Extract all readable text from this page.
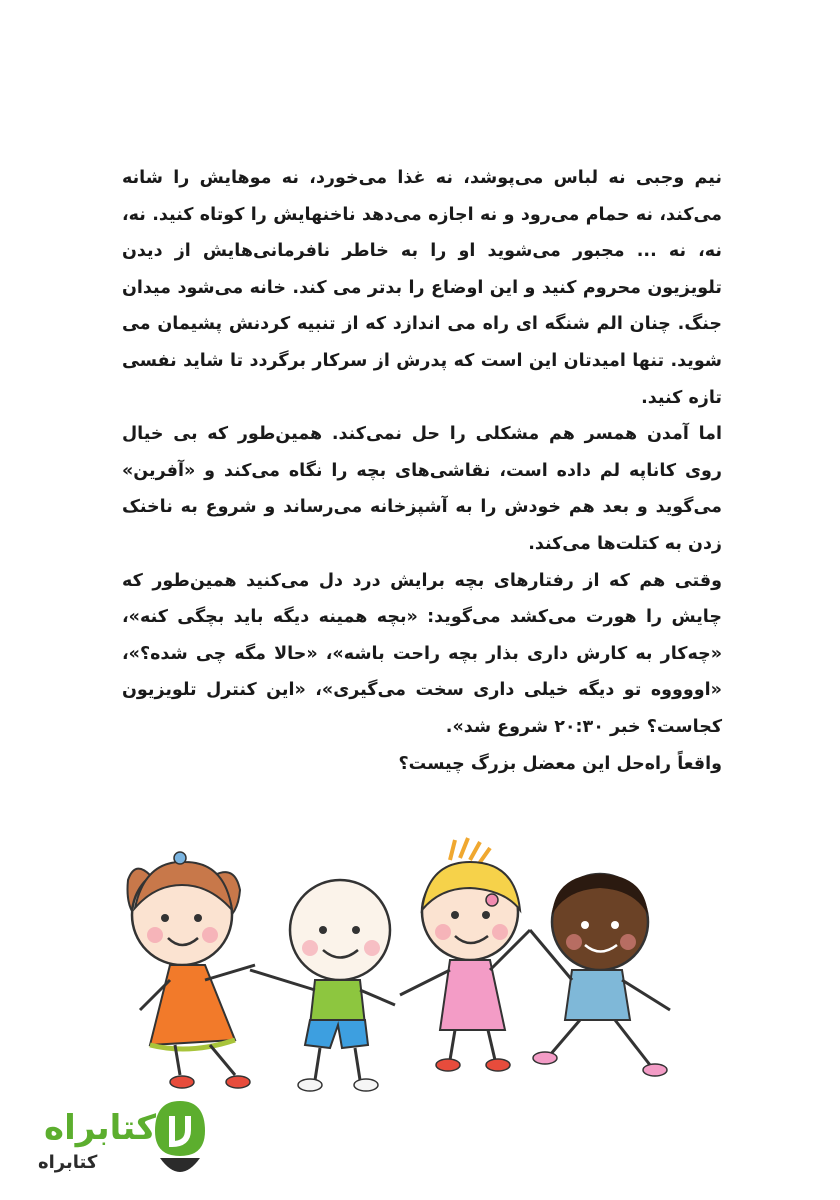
نیم وجبی نه لباس می‌پوشد، نه غذا می‌خورد، نه موهایش را شانه می‌کند، نه حمام می‌رود و نه اجازه می‌دهد ناخنهایش را کوتاه کنید. نه، نه، نه ... مجبور می‌شوید او را به خاطر نافرمانی‌هایش از دیدن تلویزیون محروم کنید و این اوضاع را بدتر می کند. خانه می‌شود میدان جنگ. چنان الم شنگه ای راه می اندازد که از تنبیه کردنش پشیمان می شوید. تنها امیدتان این است که پدرش از سرکار برگردد تا شاید نفسی تازه کنید.

اما آمدن همسر هم مشکلی را حل نمی‌کند. همین‌طور که بی خیال روی کاناپه لم داده است، نقاشی‌های بچه را نگاه می‌کند و «آفرین» می‌گوید و بعد هم خودش را به آشپزخانه می‌رساند و شروع به ناخنک زدن به کتلت‌ها می‌کند.

وقتی هم که از رفتارهای بچه برایش درد دل می‌کنید همین‌طور که چایش را هورت می‌کشد می‌گوید: «بچه همینه دیگه باید بچگی کنه»، «چه‌کار به کارش داری بذار بچه راحت باشه»، «حالا مگه چی شده؟»، «اووووه تو دیگه خیلی داری سخت می‌گیری»، «این کنترل تلویزیون کجاست؟ خبر ۲۰:۳۰ شروع شد».

واقعاً راه‌حل این معضل بزرگ چیست؟

کتابراه
کتابراه
